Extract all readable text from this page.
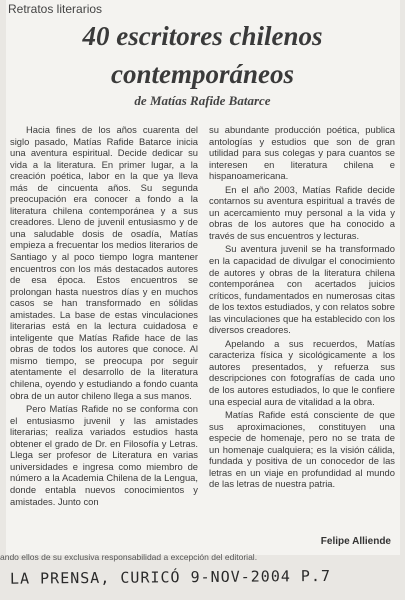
Retratos literarios
40 escritores chilenos
contemporáneos
de Matías Rafide Batarce

Hacia fines de los años cuarenta del siglo pasado, Matías Rafide Batarce inicia una aventura espiritual. Decide dedicar su vida a la literatura. En primer lugar, a la creación poética, labor en la que ya lleva más de cincuenta años. Su segunda preocupación era conocer a fondo a la literatura chilena contemporánea y a sus creadores. Lleno de juvenil entusiasmo y de una saludable dosis de osadía, Matías empieza a frecuentar los medios literarios de Santiago y al poco tiempo logra mantener encuentros con los más destacados autores de esa época. Estos encuentros se prolongan hasta nuestros días y en muchos casos se han transformado en sólidas amistades. La base de estas vinculaciones literarias está en la lectura cuidadosa e inteligente que Matías Rafide hace de las obras de todos los autores que conoce. Al mismo tiempo, se preocupa por seguir atentamente el desarrollo de la literatura chilena, oyendo y estudiando a fondo cuanta obra de un autor chileno llega a sus manos.

Pero Matías Rafide no se conforma con el entusiasmo juvenil y las amistades literarias; realiza variados estudios hasta obtener el grado de Dr. en Filosofía y Letras. Llega ser profesor de Literatura en varias universidades e ingresa como miembro de número a la Academia Chilena de la Lengua, donde entabla nuevos conocimientos y amistades. Junto con

su abundante producción poética, publica antologías y estudios que son de gran utilidad para sus colegas y para cuantos se interesen en literatura chilena e hispanoamericana.

En el año 2003, Matías Rafide decide contarnos su aventura espiritual a través de un acercamiento muy personal a la vida y obras de los autores que ha conocido a través de sus encuentros y lecturas.

Su aventura juvenil se ha transformado en la capacidad de divulgar el conocimiento de autores y obras de la literatura chilena contemporánea con acertados juicios críticos, fundamentados en numerosas citas de los textos estudiados, y con relatos sobre las vinculaciones que ha establecido con los diversos creadores.

Apelando a sus recuerdos, Matías caracteriza física y sicológicamente a los autores presentados, y refuerza sus descripciones con fotografías de cada uno de los autores estudiados, lo que le confiere una especial aura de vitalidad a la obra.

Matías Rafide está consciente de que sus aproximaciones, constituyen una especie de homenaje, pero no se trata de un homenaje cualquiera; es la visión cálida, fundada y positiva de un conocedor de las letras en un viaje en profundidad al mundo de las letras de nuestra patria.

Felipe Alliende
ando ellos de su exclusiva responsabilidad a excepción del editorial.
LA PRENSA, CURICÓ 9-NOV-2004 P.7
